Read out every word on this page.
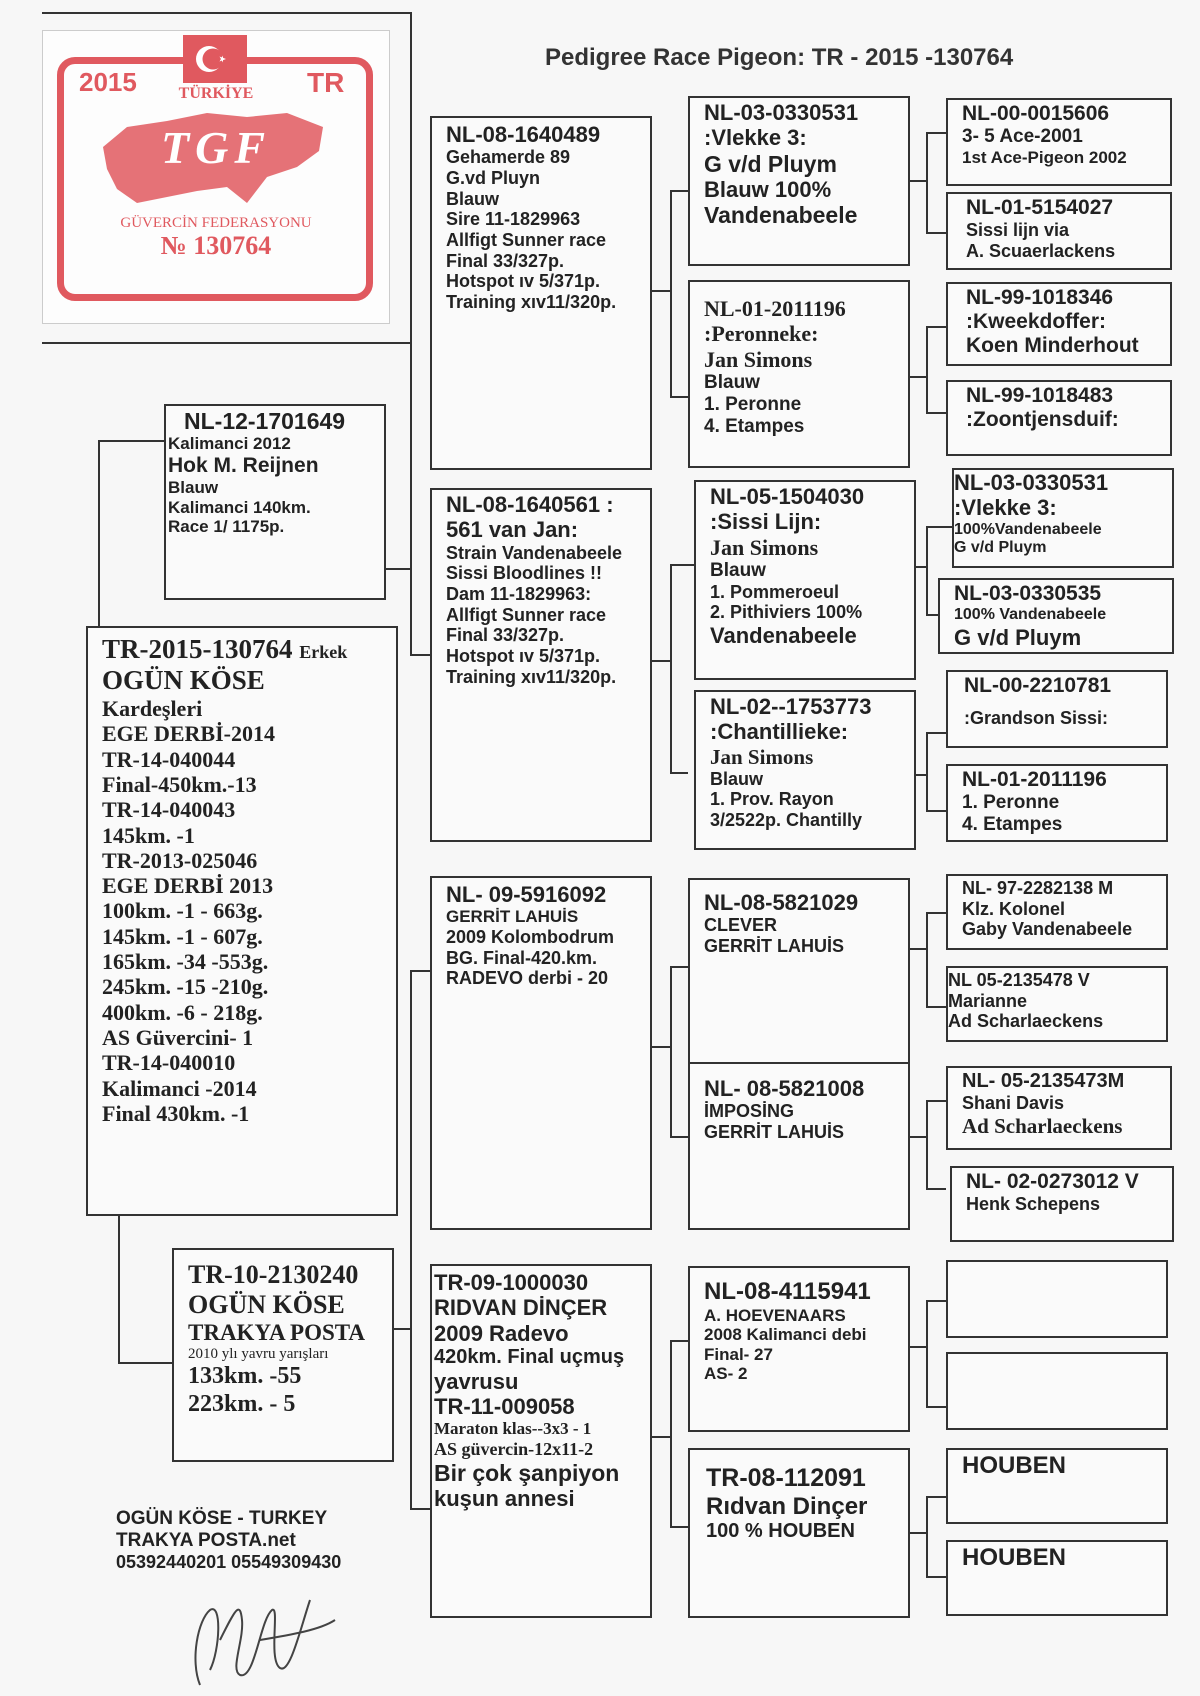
Pedigree Race Pigeon: TR - 2015 -130764
2015	TR
TÜRKİYE
TGF
GÜVERCİN FEDERASYONU
№ 130764
TR-2015-130764 Erkek
OGÜN KÖSE
Kardeşleri
EGE DERBİ-2014
TR-14-040044
Final-450km.-13
TR-14-040043
145km. -1
TR-2013-025046
EGE DERBİ 2013
100km. -1 - 663g.
145km. -1 - 607g.
165km. -34 -553g.
245km. -15 -210g.
400km. -6 - 218g.
AS Güvercini- 1
TR-14-040010
Kalimanci -2014
Final 430km. -1
NL-12-1701649
Kalimanci 2012
Hok M. Reijnen
Blauw
Kalimanci 140km.
Race 1/ 1175p.
TR-10-2130240
OGÜN KÖSE
TRAKYA POSTA
2010 ylı yavru yarışları
133km. -55
223km. - 5
NL-08-1640489
Gehamerde 89
G.vd Pluyn
Blauw
Sire 11-1829963
Allfigt Sunner race
Final 33/327p.
Hotspot ıv 5/371p.
Training xıv11/320p.
NL-08-1640561 :
561 van Jan:
Strain Vandenabeele
Sissi Bloodlines !!
Dam 11-1829963:
Allfigt Sunner race
Final 33/327p.
Hotspot ıv 5/371p.
Training xıv11/320p.
NL- 09-5916092
GERRİT LAHUİS
2009 Kolombodrum
BG. Final-420.km.
RADEVO derbi - 20
TR-09-1000030
RIDVAN DİNÇER
2009 Radevo
420km. Final uçmuş
yavrusu
TR-11-009058
Maraton klas--3x3 - 1
AS güvercin-12x11-2
Bir çok şanpiyon
kuşun annesi
NL-03-0330531
:Vlekke 3:
G v/d Pluym
Blauw 100%
Vandenabeele
NL-01-2011196
:Peronneke:
Jan Simons
Blauw
1. Peronne
4. Etampes
NL-05-1504030
:Sissi Lijn:
Jan Simons
Blauw
1. Pommeroeul
2. Pithiviers 100%
Vandenabeele
NL-02--1753773
:Chantillieke:
Jan Simons
Blauw
1. Prov. Rayon
3/2522p. Chantilly
NL-08-5821029
CLEVER
GERRİT LAHUİS
NL- 08-5821008
İMPOSİNG
GERRİT LAHUİS
NL-08-4115941
A. HOEVENAARS
2008 Kalimanci debi
Final- 27
AS- 2
TR-08-112091
Rıdvan Dinçer
100 % HOUBEN
NL-00-0015606
3- 5 Ace-2001
1st Ace-Pigeon 2002
NL-01-5154027
Sissi lijn via
A. Scuaerlackens
NL-99-1018346
:Kweekdoffer:
Koen Minderhout
NL-99-1018483
:Zoontjensduif:
NL-03-0330531
:Vlekke 3:
100%Vandenabeele
G v/d Pluym
NL-03-0330535
100% Vandenabeele
G v/d Pluym
NL-00-2210781
:Grandson Sissi:
NL-01-2011196
1. Peronne
4. Etampes
NL- 97-2282138 M
Klz. Kolonel
Gaby Vandenabeele
NL 05-2135478 V
Marianne
Ad Scharlaeckens
NL- 05-2135473M
Shani Davis
Ad Scharlaeckens
NL- 02-0273012 V
Henk Schepens
HOUBEN
HOUBEN
OGÜN KÖSE - TURKEY
TRAKYA POSTA.net
05392440201 05549309430
